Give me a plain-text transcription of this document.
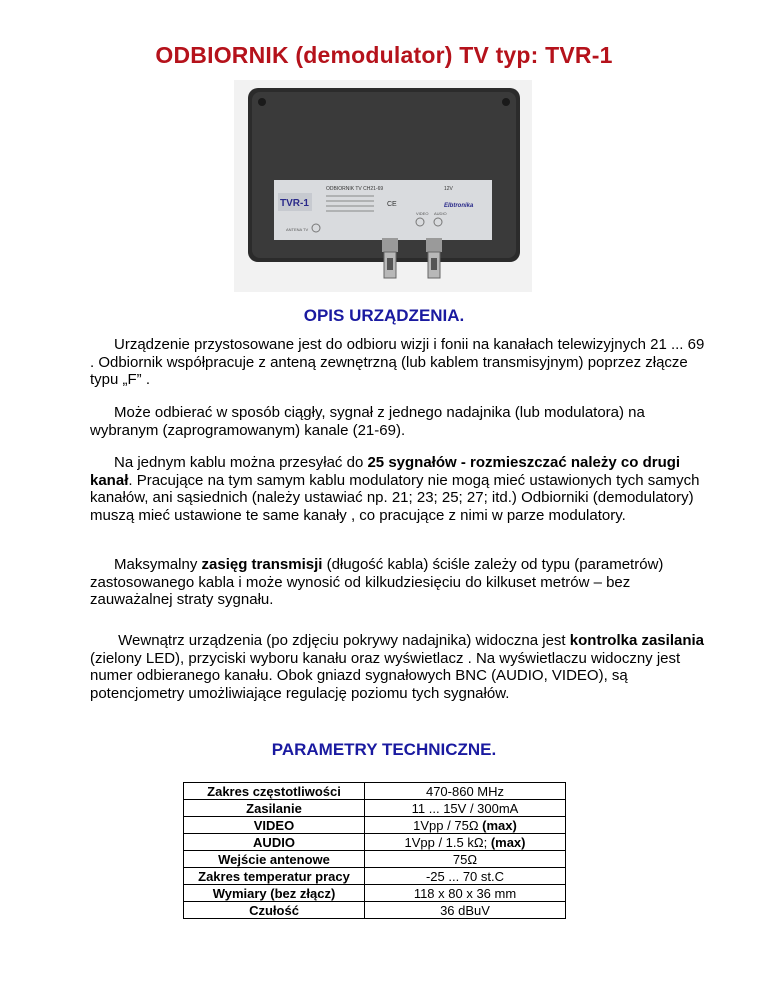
ODBIORNIK (demodulator) TV typ: TVR-1
TVR-1
ODBIORNIK TV CH21-69	12V
CE	Elbtronika
ANTENA TV
VIDEO AUDIO
OPIS URZĄDZENIA.
Urządzenie przystosowane jest do odbioru wizji i fonii na kanałach telewizyjnych 21 ... 69 . Odbiornik współpracuje z anteną zewnętrzną (lub kablem transmisyjnym) poprzez złącze typu „F” .
Może odbierać w sposób ciągły, sygnał z jednego nadajnika (lub modulatora) na wybranym (zaprogramowanym) kanale (21-69).
Na jednym kablu można przesyłać do 25 sygnałów - rozmieszczać należy co drugi kanał. Pracujące na tym samym kablu modulatory nie mogą mieć ustawionych tych samych kanałów, ani sąsiednich (należy ustawiać np. 21; 23; 25; 27; itd.) Odbiorniki (demodulatory) muszą mieć ustawione te same kanały , co pracujące z nimi w parze modulatory.
Maksymalny zasięg transmisji (długość kabla) ściśle zależy od typu (parametrów) zastosowanego kabla i może wynosić od kilkudziesięciu do kilkuset metrów – bez zauważalnej straty sygnału.
Wewnątrz urządzenia (po zdjęciu pokrywy nadajnika) widoczna jest kontrolka zasilania (zielony LED), przyciski wyboru kanału oraz wyświetlacz . Na wyświetlaczu widoczny jest numer odbieranego kanału. Obok gniazd sygnałowych BNC (AUDIO, VIDEO), są potencjometry umożliwiające regulację poziomu tych sygnałów.
PARAMETRY TECHNICZNE.
Zakres częstotliwości	470-860 MHz
Zasilanie	11 ... 15V / 300mA
VIDEO	1Vpp / 75Ω (max)
AUDIO	1Vpp / 1.5 kΩ; (max)
Wejście antenowe	75Ω
Zakres temperatur pracy	-25 ... 70 st.C
Wymiary (bez złącz)	118 x 80 x 36 mm
Czułość	36 dBuV
